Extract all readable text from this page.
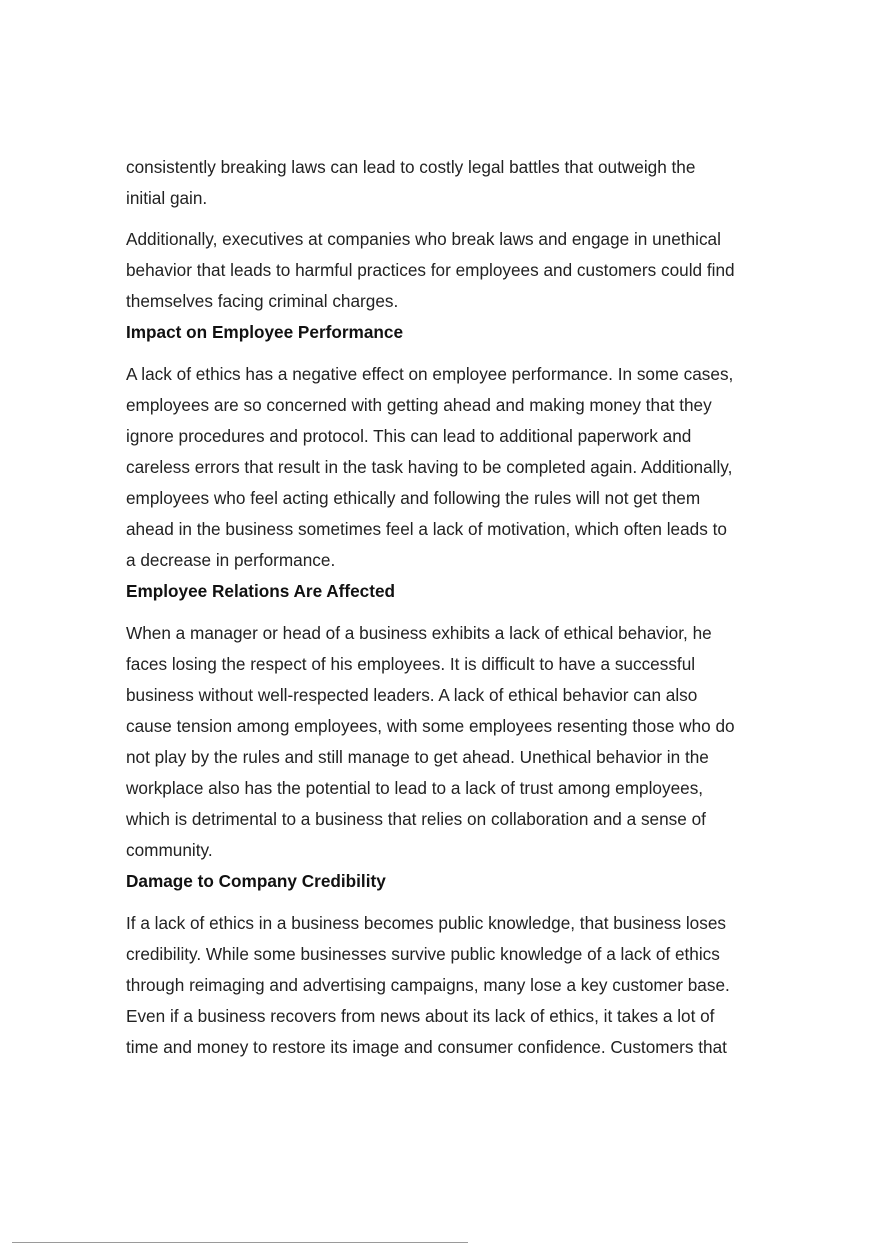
consistently breaking laws can lead to costly legal battles that outweigh the
initial gain.

Additionally, executives at companies who break laws and engage in unethical
behavior that leads to harmful practices for employees and customers could find
themselves facing criminal charges.

Impact on Employee Performance

A lack of ethics has a negative effect on employee performance. In some cases,
employees are so concerned with getting ahead and making money that they
ignore procedures and protocol. This can lead to additional paperwork and
careless errors that result in the task having to be completed again. Additionally,
employees who feel acting ethically and following the rules will not get them
ahead in the business sometimes feel a lack of motivation, which often leads to
a decrease in performance.

Employee Relations Are Affected

When a manager or head of a business exhibits a lack of ethical behavior, he
faces losing the respect of his employees. It is difficult to have a successful
business without well-respected leaders. A lack of ethical behavior can also
cause tension among employees, with some employees resenting those who do
not play by the rules and still manage to get ahead. Unethical behavior in the
workplace also has the potential to lead to a lack of trust among employees,
which is detrimental to a business that relies on collaboration and a sense of
community.

Damage to Company Credibility

If a lack of ethics in a business becomes public knowledge, that business loses
credibility. While some businesses survive public knowledge of a lack of ethics
through reimaging and advertising campaigns, many lose a key customer base.
Even if a business recovers from news about its lack of ethics, it takes a lot of
time and money to restore its image and consumer confidence. Customers that
